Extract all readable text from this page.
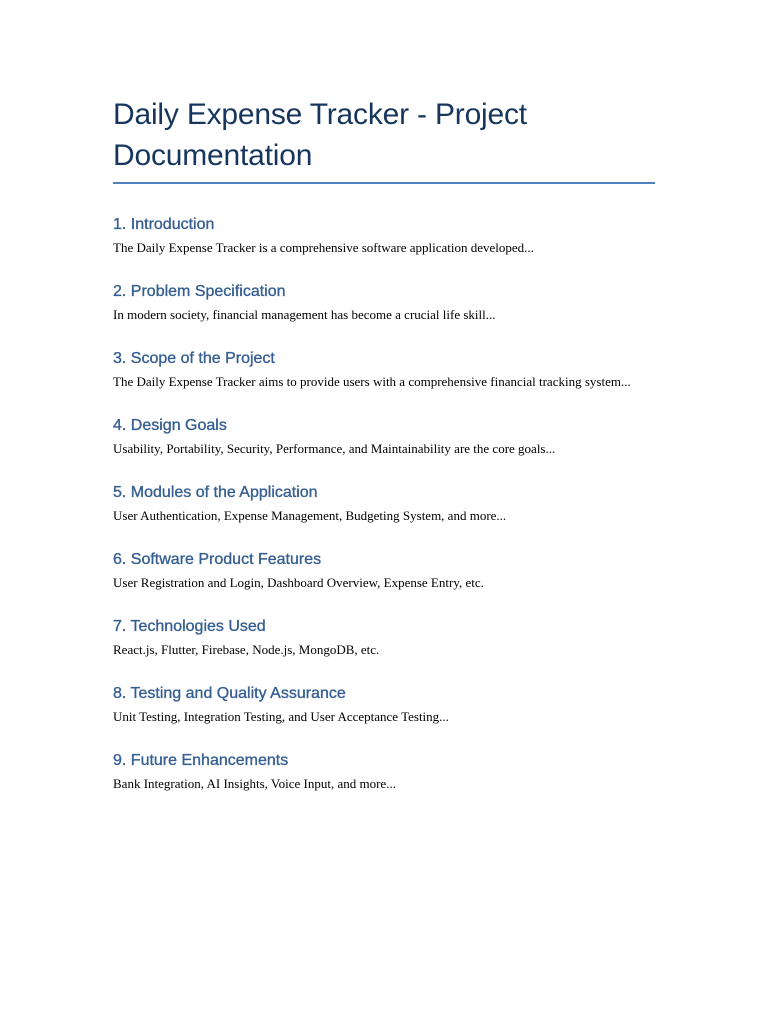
Daily Expense Tracker - Project Documentation
1. Introduction

The Daily Expense Tracker is a comprehensive software application developed...

2. Problem Specification

In modern society, financial management has become a crucial life skill...

3. Scope of the Project

The Daily Expense Tracker aims to provide users with a comprehensive financial tracking system...

4. Design Goals

Usability, Portability, Security, Performance, and Maintainability are the core goals...

5. Modules of the Application

User Authentication, Expense Management, Budgeting System, and more...

6. Software Product Features

User Registration and Login, Dashboard Overview, Expense Entry, etc.

7. Technologies Used

React.js, Flutter, Firebase, Node.js, MongoDB, etc.

8. Testing and Quality Assurance

Unit Testing, Integration Testing, and User Acceptance Testing...

9. Future Enhancements

Bank Integration, AI Insights, Voice Input, and more...
